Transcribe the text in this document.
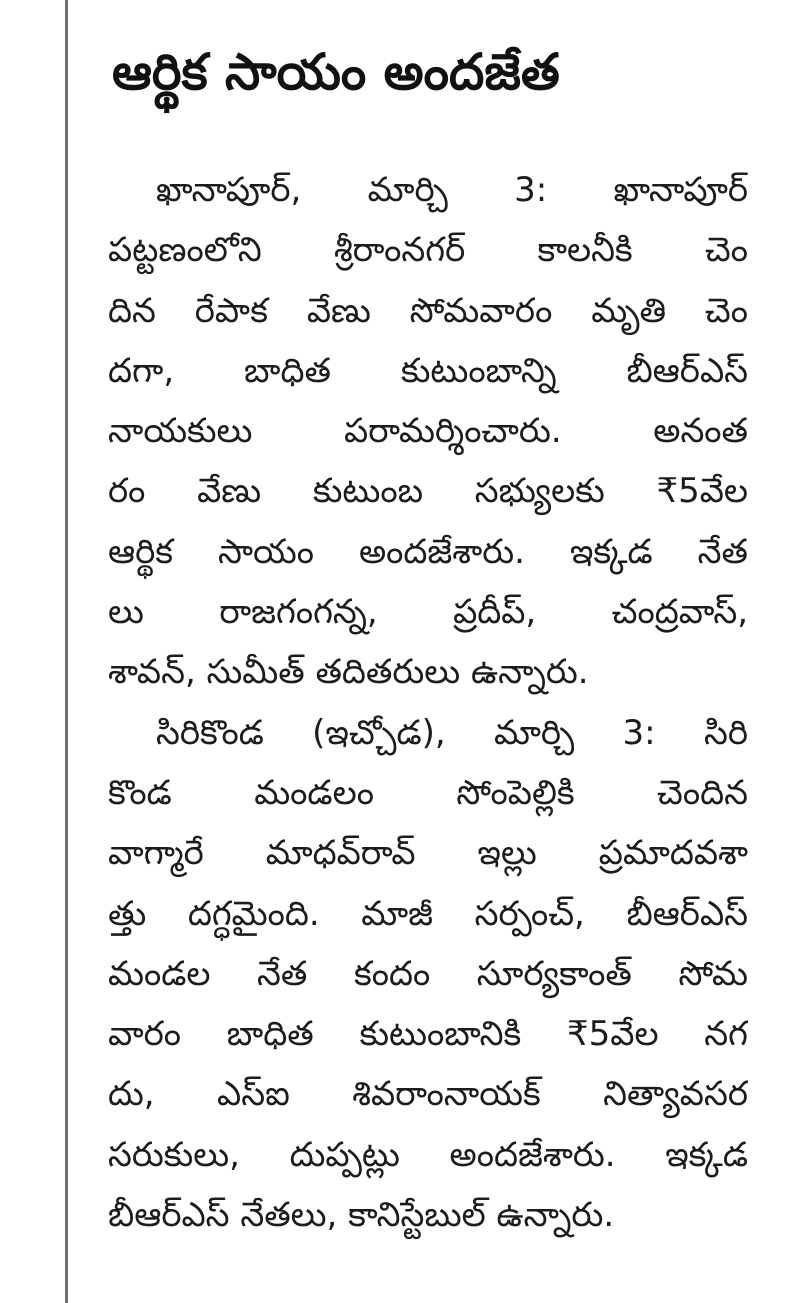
ఆర్థిక సాయం అందజేత
ఖానాపూర్, మార్చి 3: ఖానాపూర్
పట్టణంలోని శ్రీరాంనగర్ కాలనీకి చెం
దిన రేపాక వేణు సోమవారం మృతి చెం
దగా, బాధిత కుటుంబాన్ని బీఆర్ఎస్
నాయకులు పరామర్శించారు. అనంత
రం వేణు కుటుంబ సభ్యులకు ₹5వేల
ఆర్థిక సాయం అందజేశారు. ఇక్కడ నేత
లు రాజగంగన్న, ప్రదీప్, చంద్రవాస్,
శావన్, సుమీత్ తదితరులు ఉన్నారు.
సిరికొండ (ఇచ్చోడ), మార్చి 3: సిరి
కొండ మండలం సోంపెల్లికి చెందిన
వాగ్మారే మాధవ్‌రావ్ ఇల్లు ప్రమాదవశా
త్తు దగ్ధమైంది. మాజీ సర్పంచ్, బీఆర్ఎస్
మండల నేత కందం సూర్యకాంత్ సోమ
వారం బాధిత కుటుంబానికి ₹5వేల నగ
దు, ఎస్ఐ శివరాంనాయక్ నిత్యావసర
సరుకులు, దుప్పట్లు అందజేశారు. ఇక్కడ
బీఆర్ఎస్ నేతలు, కానిస్టేబుల్ ఉన్నారు.
